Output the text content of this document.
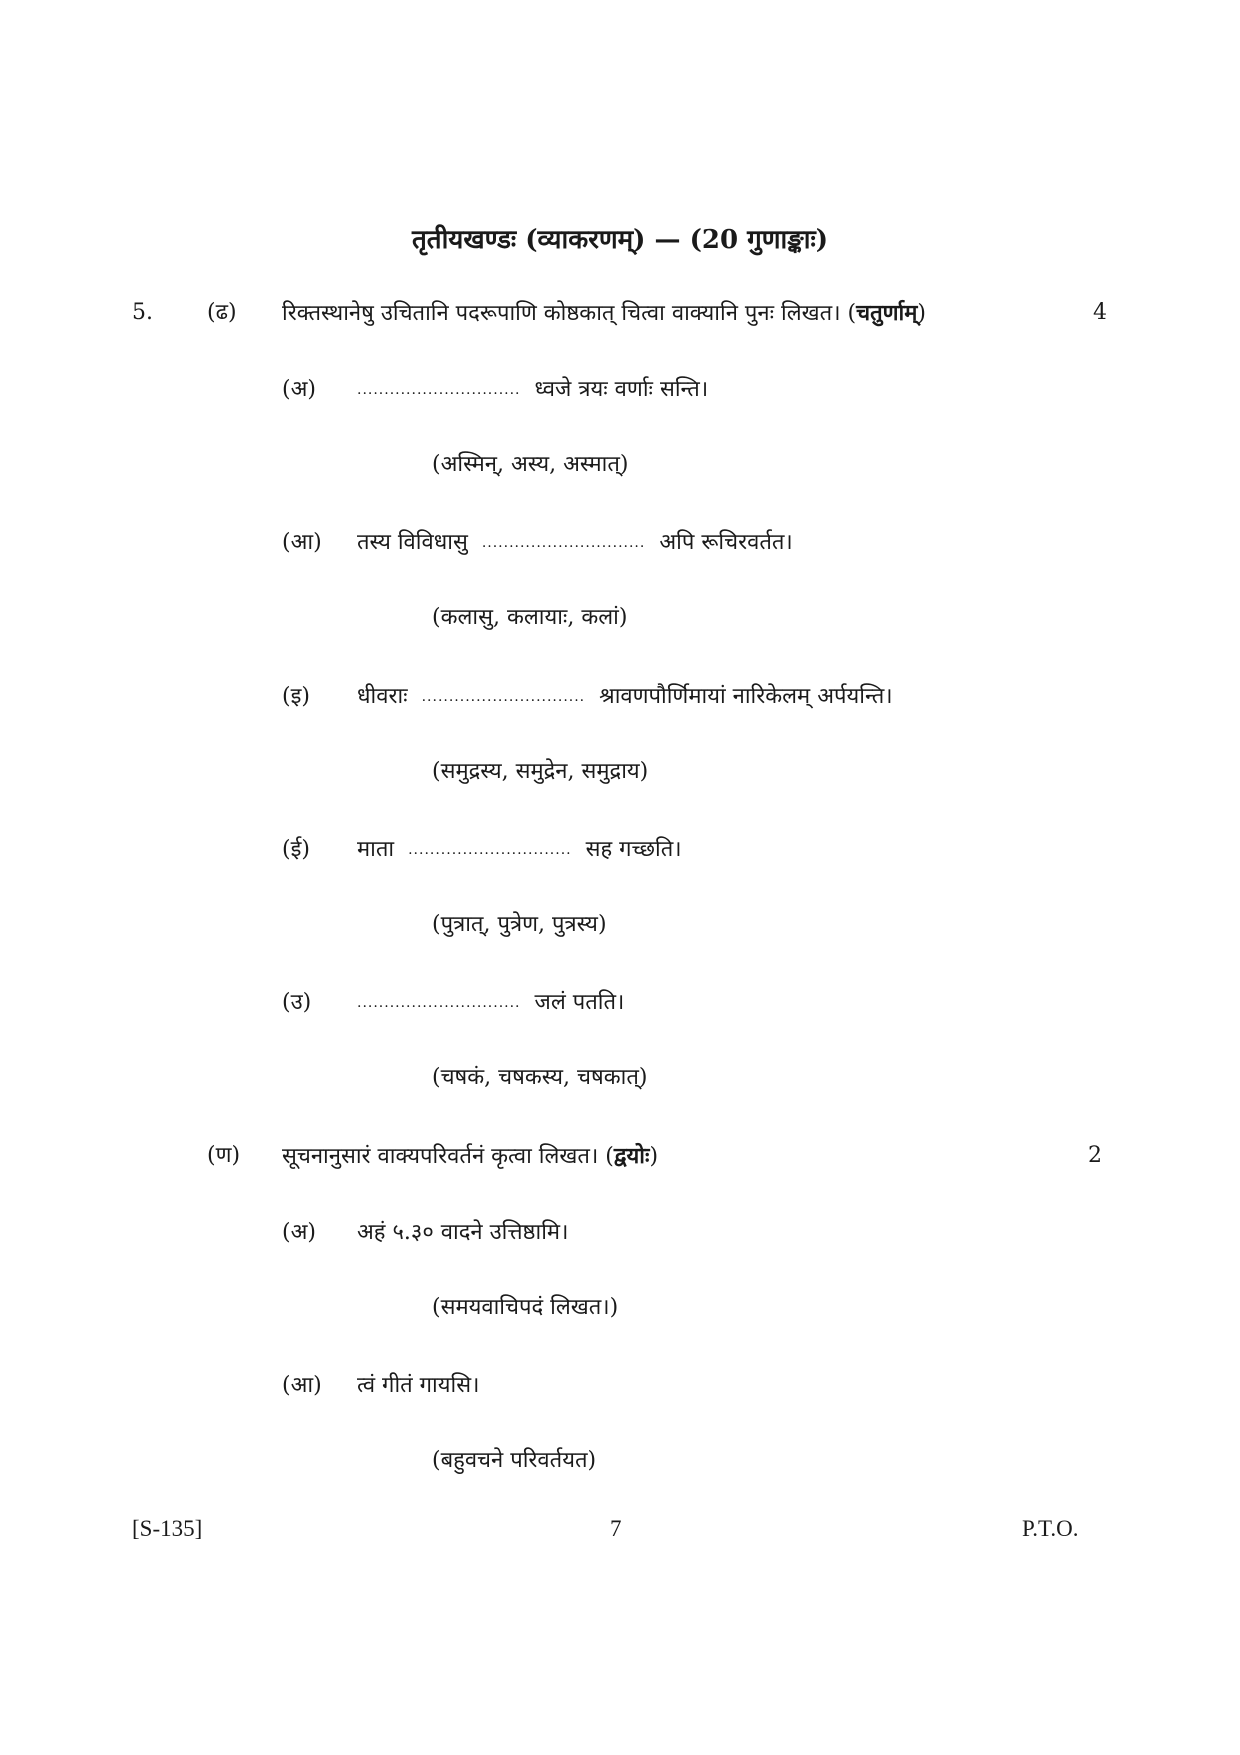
तृतीयखण्डः (व्याकरणम्) — (20 गुणाङ्काः)
5. (ढ) रिक्तस्थानेषु उचितानि पदरूपाणि कोष्ठकात् चित्वा वाक्यानि पुनः लिखत। (चतुर्णाम्)	4
(अ)	.............................. ध्वजे त्रयः वर्णाः सन्ति।
(अस्मिन्, अस्य, अस्मात्)
(आ) तस्य विविधासु .............................. अपि रूचिरवर्तत।
(कलासु, कलायाः, कलां)
(इ) धीवराः .............................. श्रावणपौर्णिमायां नारिकेलम् अर्पयन्ति।
(समुद्रस्य, समुद्रेन, समुद्राय)
(ई) माता .............................. सह गच्छति।
(पुत्रात्, पुत्रेण, पुत्रस्य)
(उ)	.............................. जलं पतति।
(चषकं, चषकस्य, चषकात्)
(ण) सूचनानुसारं वाक्यपरिवर्तनं कृत्वा लिखत। (द्वयोः)	2
(अ) अहं ५.३० वादने उत्तिष्ठामि।
(समयवाचिपदं लिखत।)
(आ) त्वं गीतं गायसि।
(बहुवचने परिवर्तयत)
[S-135]	7	P.T.O.
